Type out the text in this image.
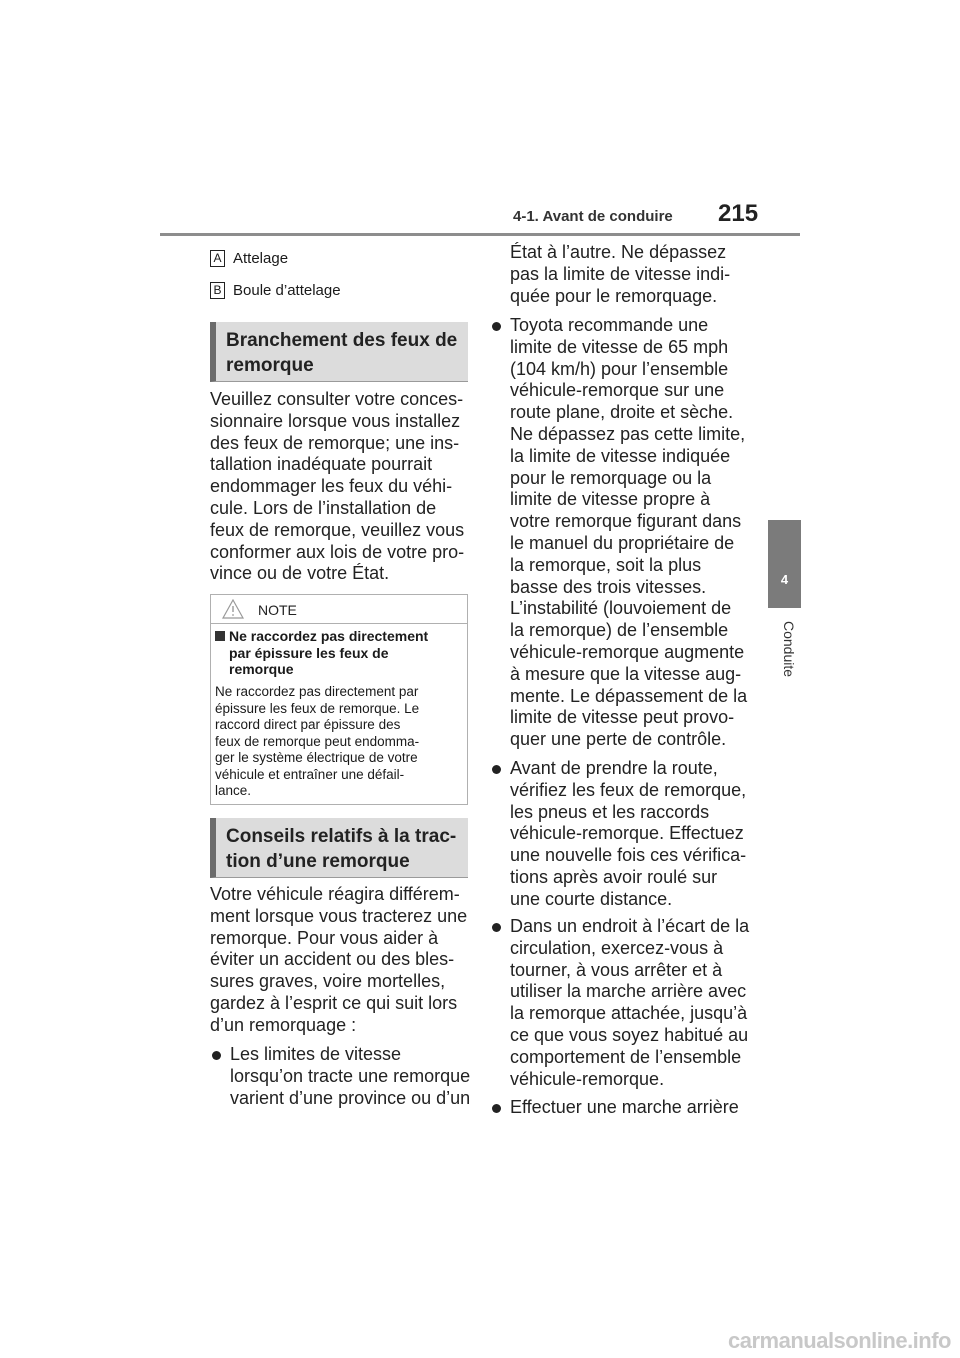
4-1. Avant de conduire 215
4
Conduite
A Attelage
B Boule d’attelage
Branchement des feux de
remorque
Veuillez consulter votre conces-
sionnaire lorsque vous installez
des feux de remorque; une ins-
tallation inadéquate pourrait
endommager les feux du véhi-
cule. Lors de l’installation de
feux de remorque, veuillez vous
conformer aux lois de votre pro-
vince ou de votre État.
NOTE
Ne raccordez pas directement
par épissure les feux de
remorque
Ne raccordez pas directement par
épissure les feux de remorque. Le
raccord direct par épissure des
feux de remorque peut endomma-
ger le système électrique de votre
véhicule et entraîner une défail-
lance.
Conseils relatifs à la trac-
tion d’une remorque
Votre véhicule réagira différem-
ment lorsque vous tracterez une
remorque. Pour vous aider à
éviter un accident ou des bles-
sures graves, voire mortelles,
gardez à l’esprit ce qui suit lors
d’un remorquage :
Les limites de vitesse
lorsqu’on tracte une remorque
varient d’une province ou d’un
État à l’autre. Ne dépassez
pas la limite de vitesse indi-
quée pour le remorquage.
Toyota recommande une
limite de vitesse de 65 mph
(104 km/h) pour l’ensemble
véhicule-remorque sur une
route plane, droite et sèche.
Ne dépassez pas cette limite,
la limite de vitesse indiquée
pour le remorquage ou la
limite de vitesse propre à
votre remorque figurant dans
le manuel du propriétaire de
la remorque, soit la plus
basse des trois vitesses.
L’instabilité (louvoiement de
la remorque) de l’ensemble
véhicule-remorque augmente
à mesure que la vitesse aug-
mente. Le dépassement de la
limite de vitesse peut provo-
quer une perte de contrôle.
Avant de prendre la route,
vérifiez les feux de remorque,
les pneus et les raccords
véhicule-remorque. Effectuez
une nouvelle fois ces vérifica-
tions après avoir roulé sur
une courte distance.
Dans un endroit à l’écart de la
circulation, exercez-vous à
tourner, à vous arrêter et à
utiliser la marche arrière avec
la remorque attachée, jusqu’à
ce que vous soyez habitué au
comportement de l’ensemble
véhicule-remorque.
Effectuer une marche arrière
carmanualsonline.info
